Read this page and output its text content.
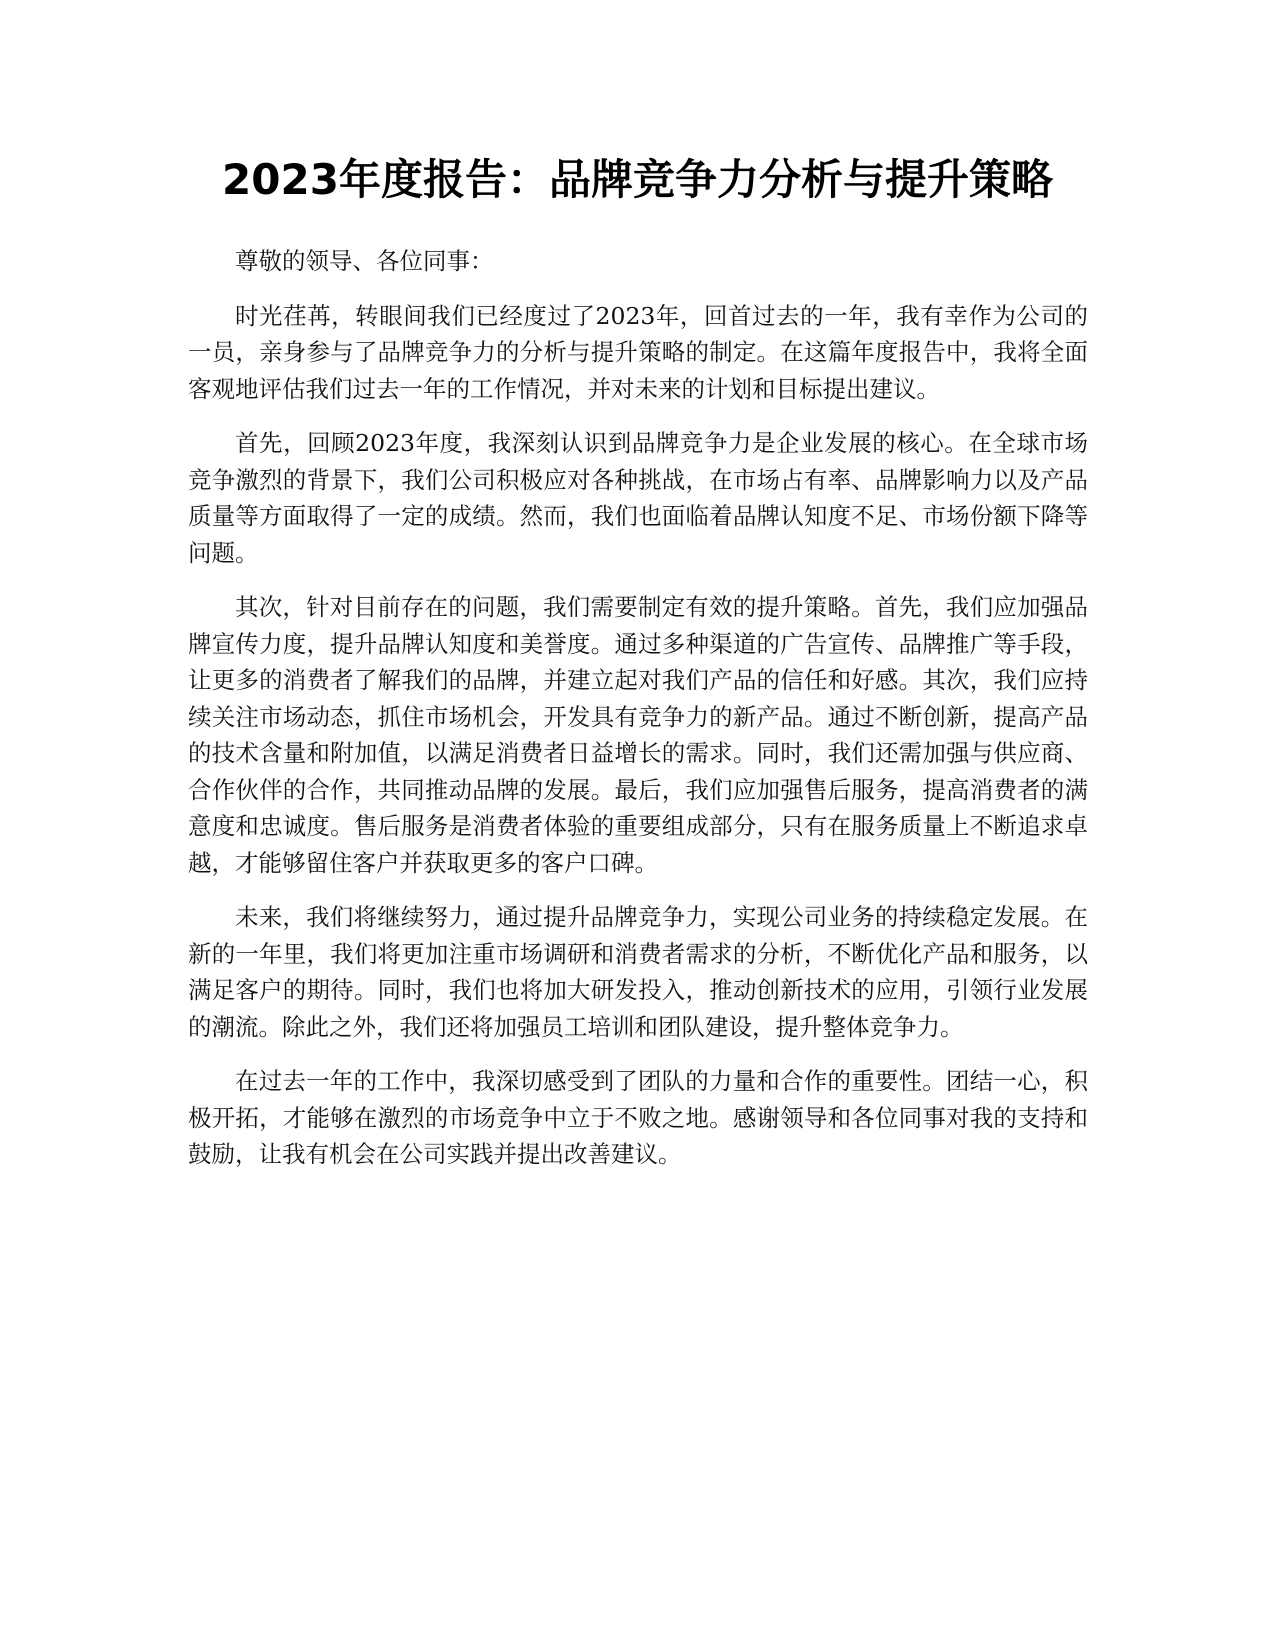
2023年度报告：品牌竞争力分析与提升策略

尊敬的领导、各位同事：

时光荏苒，转眼间我们已经度过了2023年，回首过去的一年，我有幸作为公司的一员，亲身参与了品牌竞争力的分析与提升策略的制定。在这篇年度报告中，我将全面客观地评估我们过去一年的工作情况，并对未来的计划和目标提出建议。

首先，回顾2023年度，我深刻认识到品牌竞争力是企业发展的核心。在全球市场竞争激烈的背景下，我们公司积极应对各种挑战，在市场占有率、品牌影响力以及产品质量等方面取得了一定的成绩。然而，我们也面临着品牌认知度不足、市场份额下降等问题。

其次，针对目前存在的问题，我们需要制定有效的提升策略。首先，我们应加强品牌宣传力度，提升品牌认知度和美誉度。通过多种渠道的广告宣传、品牌推广等手段，让更多的消费者了解我们的品牌，并建立起对我们产品的信任和好感。其次，我们应持续关注市场动态，抓住市场机会，开发具有竞争力的新产品。通过不断创新，提高产品的技术含量和附加值，以满足消费者日益增长的需求。同时，我们还需加强与供应商、合作伙伴的合作，共同推动品牌的发展。最后，我们应加强售后服务，提高消费者的满意度和忠诚度。售后服务是消费者体验的重要组成部分，只有在服务质量上不断追求卓越，才能够留住客户并获取更多的客户口碑。

未来，我们将继续努力，通过提升品牌竞争力，实现公司业务的持续稳定发展。在新的一年里，我们将更加注重市场调研和消费者需求的分析，不断优化产品和服务，以满足客户的期待。同时，我们也将加大研发投入，推动创新技术的应用，引领行业发展的潮流。除此之外，我们还将加强员工培训和团队建设，提升整体竞争力。

在过去一年的工作中，我深切感受到了团队的力量和合作的重要性。团结一心，积极开拓，才能够在激烈的市场竞争中立于不败之地。感谢领导和各位同事对我的支持和鼓励，让我有机会在公司实践并提出改善建议。
